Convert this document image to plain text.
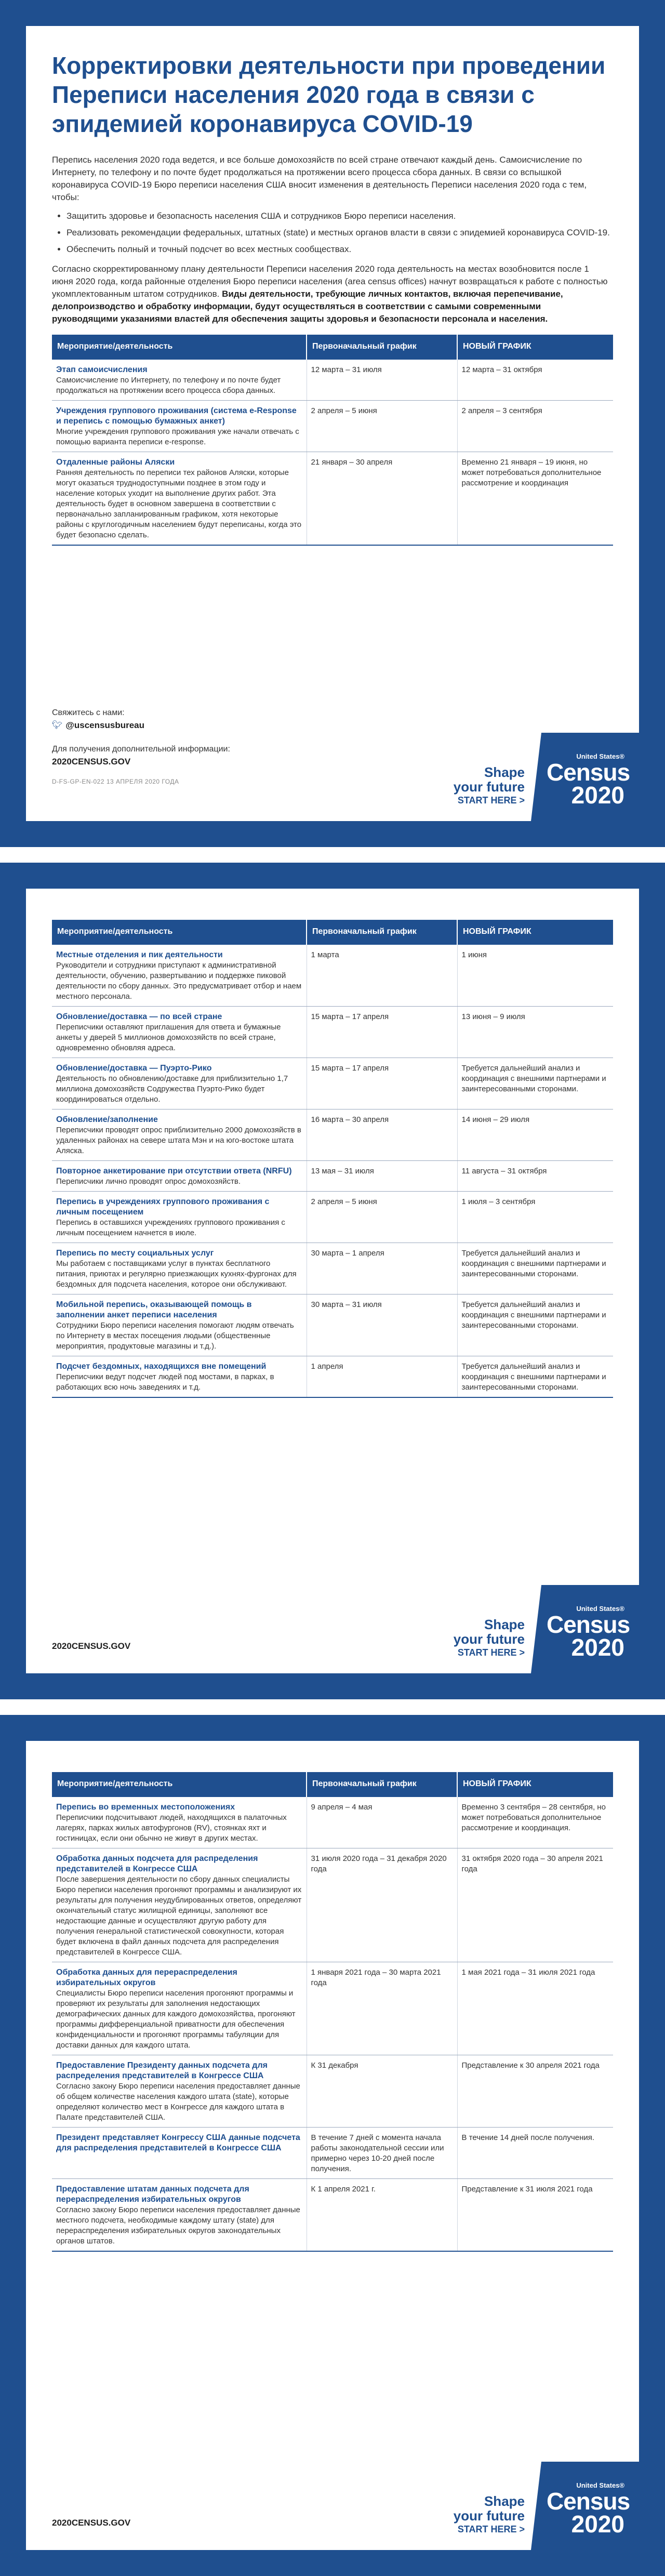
Корректировки деятельности при проведении Переписи населения 2020 года в связи с эпидемией коронавируса COVID-19

Перепись населения 2020 года ведется, и все больше домохозяйств по всей стране отвечают каждый день. Самоисчисление по Интернету, по телефону и по почте будет продолжаться на протяжении всего процесса сбора данных. В связи со вспышкой коронавируса COVID-19 Бюро переписи населения США вносит изменения в деятельность Переписи населения 2020 года с тем, чтобы:

• Защитить здоровье и безопасность населения США и сотрудников Бюро переписи населения.
• Реализовать рекомендации федеральных, штатных (state) и местных органов власти в связи с эпидемией коронавируса COVID-19.
• Обеспечить полный и точный подсчет во всех местных сообществах.

Согласно скорректированному плану деятельности Переписи населения 2020 года деятельность на местах возобновится после 1 июня 2020 года, когда районные отделения Бюро переписи населения (area census offices) начнут возвращаться к работе с полностью укомплектованным штатом сотрудников. Виды деятельности, требующие личных контактов, включая перепечивание, делопроизводство и обработку информации, будут осуществляться в соответствии с самыми современными руководящими указаниями властей для обеспечения защиты здоровья и безопасности персонала и населения.

Мероприятие/деятельность	Первоначальный график	НОВЫЙ ГРАФИК

Этап самоисчисления
Самоисчисление по Интернету, по телефону и по почте будет продолжаться на протяжении всего процесса сбора данных.	12 марта – 31 июля	12 марта – 31 октября

Учреждения группового проживания (система e-Response и перепись с помощью бумажных анкет)
Многие учреждения группового проживания уже начали отвечать с помощью варианта переписи e-response.	2 апреля – 5 июня	2 апреля – 3 сентября

Отдаленные районы Аляски
Ранняя деятельность по переписи тех районов Аляски, которые могут оказаться труднодоступными позднее в этом году и население которых уходит на выполнение других работ. Эта деятельность будет в основном завершена в соответствии с первоначально запланированным графиком, хотя некоторые районы с круглогодичным населением будут переписаны, когда это будет безопасно сделать.	21 января – 30 апреля	Временно 21 января – 19 июня, но может потребоваться дополнительное рассмотрение и координация
Свяжитесь с нами:
🐦︎ @uscensusbureau
Для получения дополнительной информации:
2020CENSUS.GOV
D-FS-GP-EN-022 13 АПРЕЛЯ 2020 ГОДА
Shape
your future
START HERE >
United States®
Census
2020
Мероприятие/деятельность	Первоначальный график	НОВЫЙ ГРАФИК

Местные отделения и пик деятельности
Руководители и сотрудники приступают к административной деятельности, обучению, развертыванию и поддержке пиковой деятельности по сбору данных. Это предусматривает отбор и наем местного персонала.	1 марта	1 июня

Обновление/доставка — по всей стране
Переписчики оставляют приглашения для ответа и бумажные анкеты у дверей 5 миллионов домохозяйств по всей стране, одновременно обновляя адреса.	15 марта – 17 апреля	13 июня – 9 июля

Обновление/доставка — Пуэрто-Рико
Деятельность по обновлению/доставке для приблизительно 1,7 миллиона домохозяйств Содружества Пуэрто-Рико будет координироваться отдельно.	15 марта – 17 апреля	Требуется дальнейший анализ и координация с внешними партнерами и заинтересованными сторонами.

Обновление/заполнение
Переписчики проводят опрос приблизительно 2000 домохозяйств в удаленных районах на севере штата Мэн и на юго-востоке штата Аляска.	16 марта – 30 апреля	14 июня – 29 июля

Повторное анкетирование при отсутствии ответа (NRFU)
Переписчики лично проводят опрос домохозяйств.	13 мая – 31 июля	11 августа – 31 октября

Перепись в учреждениях группового проживания с личным посещением
Перепись в оставшихся учреждениях группового проживания с личным посещением начнется в июле.	2 апреля – 5 июня	1 июля – 3 сентября

Перепись по месту социальных услуг
Мы работаем с поставщиками услуг в пунктах бесплатного питания, приютах и регулярно приезжающих кухнях-фургонах для бездомных для подсчета населения, которое они обслуживают.	30 марта – 1 апреля	Требуется дальнейший анализ и координация с внешними партнерами и заинтересованными сторонами.

Мобильной перепись, оказывающей помощь в заполнении анкет переписи населения
Сотрудники Бюро переписи населения помогают людям отвечать по Интернету в местах посещения людьми (общественные мероприятия, продуктовые магазины и т.д.).	30 марта – 31 июля	Требуется дальнейший анализ и координация с внешними партнерами и заинтересованными сторонами.

Подсчет бездомных, находящихся вне помещений
Переписчики ведут подсчет людей под мостами, в парках, в работающих всю ночь заведениях и т.д.	1 апреля	Требуется дальнейший анализ и координация с внешними партнерами и заинтересованными сторонами.
2020CENSUS.GOV
Shape
your future
START HERE >
United States®
Census
2020
Мероприятие/деятельность	Первоначальный график	НОВЫЙ ГРАФИК

Перепись во временных местоположениях
Переписчики подсчитывают людей, находящихся в палаточных лагерях, парках жилых автофургонов (RV), стоянках яхт и гостиницах, если они обычно не живут в других местах.	9 апреля – 4 мая	Временно 3 сентября – 28 сентября, но может потребоваться дополнительное рассмотрение и координация.

Обработка данных подсчета для распределения представителей в Конгрессе США
После завершения деятельности по сбору данных специалисты Бюро переписи населения прогоняют программы и анализируют их результаты для получения неудублированных ответов, определяют окончательный статус жилищной единицы, заполняют все недостающие данные и осуществляют другую работу для получения генеральной статистической совокупности, которая будет включена в файл данных подсчета для распределения представителей в Конгрессе США.	31 июля 2020 года – 31 декабря 2020 года	31 октября 2020 года – 30 апреля 2021 года

Обработка данных для перераспределения избирательных округов
Специалисты Бюро переписи населения прогоняют программы и проверяют их результаты для заполнения недостающих демографических данных для каждого домохозяйства, прогоняют программы дифференциальной приватности для обеспечения конфиденциальности и прогоняют программы табуляции для доставки данных для каждого штата.	1 января 2021 года – 30 марта 2021 года	1 мая 2021 года – 31 июля 2021 года

Предоставление Президенту данных подсчета для распределения представителей в Конгрессе США
Согласно закону Бюро переписи населения предоставляет данные об общем количестве населения каждого штата (state), которые определяют количество мест в Конгрессе для каждого штата в Палате представителей США.	К 31 декабря	Представление к 30 апреля 2021 года

Президент представляет Конгрессу США данные подсчета для распределения представителей в Конгрессе США	В течение 7 дней с момента начала работы законодательной сессии или примерно через 10-20 дней после получения.	В течение 14 дней после получения.

Предоставление штатам данных подсчета для перераспределения избирательных округов
Согласно закону Бюро переписи населения предоставляет данные местного подсчета, необходимые каждому штату (state) для перераспределения избирательных округов законодательных органов штатов.	К 1 апреля 2021 г.	Представление к 31 июля 2021 года
2020CENSUS.GOV
Shape
your future
START HERE >
United States®
Census
2020
